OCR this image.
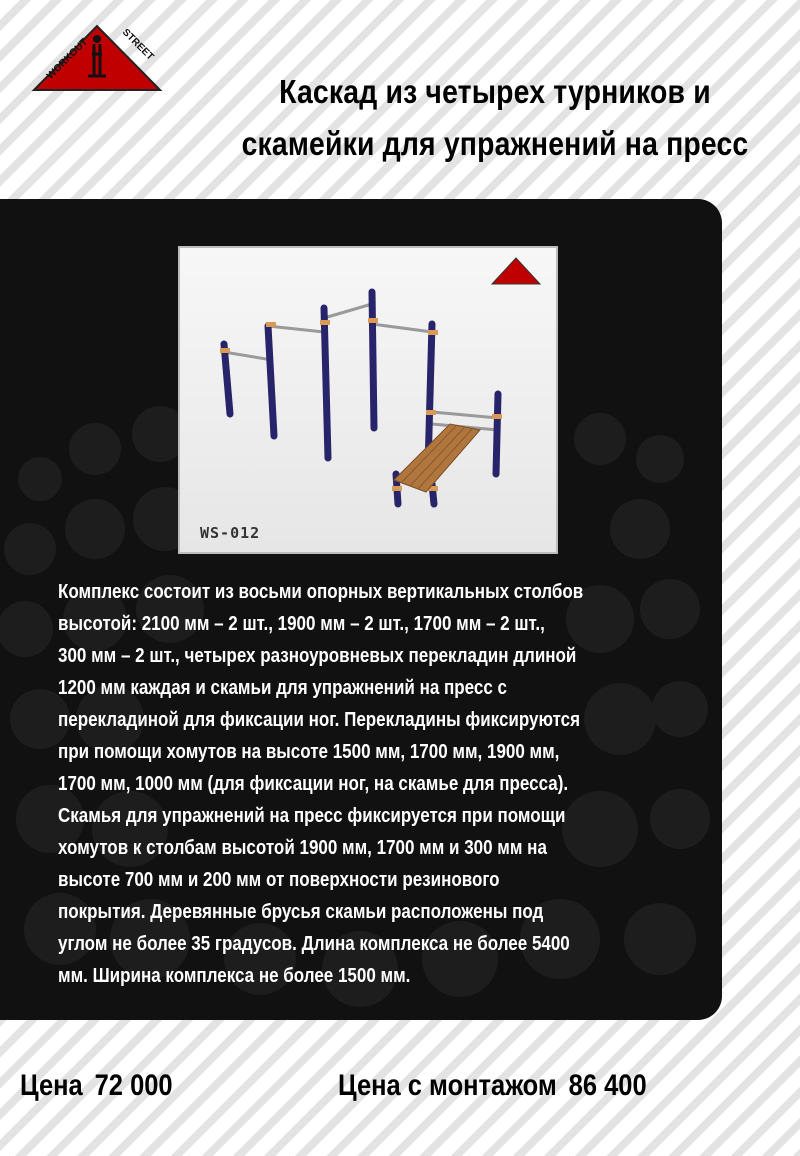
WORKOUT	STREET
Каскад из четырех турников и
скамейки для упражнений на пресс
WS-012
Комплекс состоит из восьми опорных вертикальных столбов
высотой: 2100 мм – 2 шт., 1900 мм – 2 шт., 1700 мм – 2 шт.,
300 мм – 2 шт., четырех разноуровневых перекладин длиной
1200 мм каждая и скамьи для упражнений на пресс с
перекладиной для фиксации ног. Перекладины фиксируются
при помощи хомутов на высоте 1500 мм, 1700 мм, 1900 мм,
1700 мм, 1000 мм (для фиксации ног, на скамье для пресса).
Скамья для упражнений на пресс фиксируется при помощи
хомутов к столбам высотой 1900 мм, 1700 мм и 300 мм на
высоте 700 мм и 200 мм от поверхности резинового
покрытия. Деревянные брусья скамьи расположены под
углом не более 35 градусов. Длина комплекса не более 5400
мм. Ширина комплекса не более 1500 мм.
Цена 72 000	Цена с монтажом 86 400
